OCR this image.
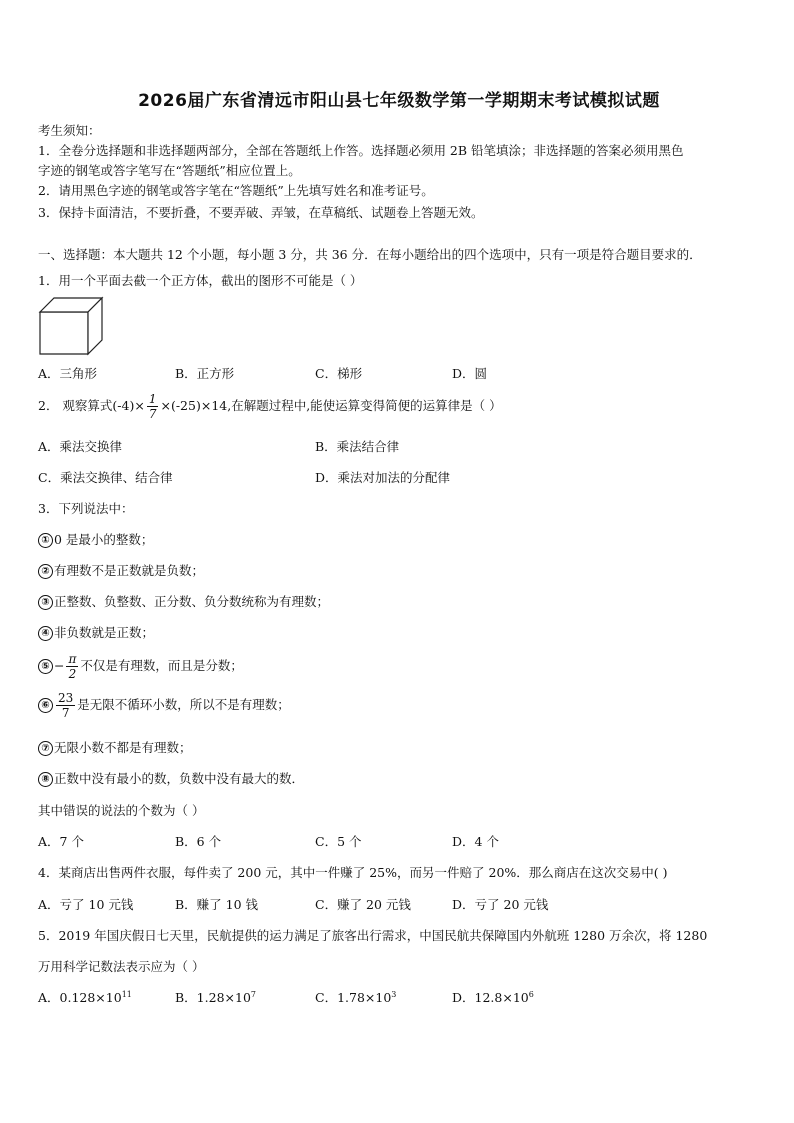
2026届广东省清远市阳山县七年级数学第一学期期末考试模拟试题
考生须知：
1．全卷分选择题和非选择题两部分，全部在答题纸上作答。选择题必须用 2B 铅笔填涂；非选择题的答案必须用黑色
字迹的钢笔或答字笔写在“答题纸”相应位置上。
2．请用黑色字迹的钢笔或答字笔在“答题纸”上先填写姓名和准考证号。
3．保持卡面清洁，不要折叠，不要弄破、弄皱，在草稿纸、试题卷上答题无效。
一、选择题：本大题共 12 个小题，每小题 3 分，共 36 分．在每小题给出的四个选项中，只有一项是符合题目要求的．
1．用一个平面去截一个正方体，截出的图形不可能是（ ）
A．三角形	B．正方形	C．梯形	D．圆
2． 观察算式$(-4)\times \frac{1}{7} \times(-25)\times 14$,在解题过程中,能使运算变得简便的运算律是（ ）
A．乘法交换律	B．乘法结合律
C．乘法交换律、结合律	D．乘法对加法的分配律
3．下列说法中：
① 0 是最小的整数；
② 有理数不是正数就是负数；
③ 正整数、负整数、正分数、负分数统称为有理数；
④ 非负数就是正数；
⑤ − $\frac{\pi}{2}$ 不仅是有理数，而且是分数；
⑥ $\frac{23}{7}$ 是无限不循环小数，所以不是有理数；
⑦ 无限小数不都是有理数；
⑧ 正数中没有最小的数，负数中没有最大的数．
其中错误的说法的个数为（ ）
A．7 个	B．6 个	C．5 个	D．4 个
4．某商店出售两件衣服，每件卖了 200 元，其中一件赚了 25%，而另一件赔了 20%．那么商店在这次交易中( )
A．亏了 10 元钱	B．赚了 10 钱	C．赚了 20 元钱	D．亏了 20 元钱
5．2019 年国庆假日七天里，民航提供的运力满足了旅客出行需求，中国民航共保障国内外航班 1280 万余次，将 1280
万用科学记数法表示应为（ ）
A．$0.128\times 10^{11}$	B．$1.28\times 10^7$	C．$1.78\times 10^3$	D．$12.8\times 10^6$
